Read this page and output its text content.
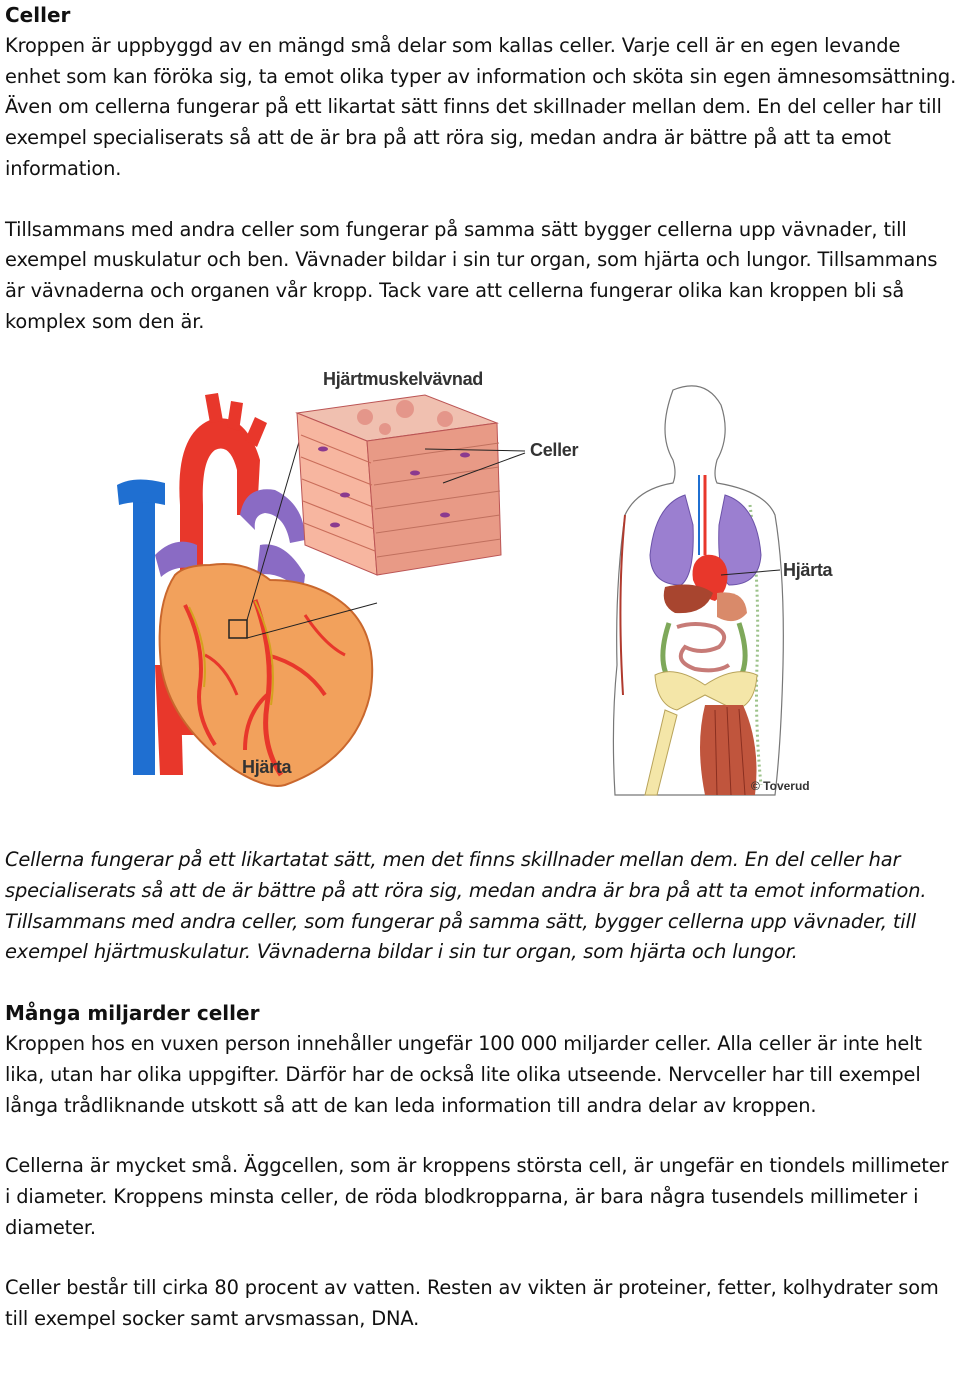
Celler

Kroppen är uppbyggd av en mängd små delar som kallas celler. Varje cell är en egen levande enhet som kan föröka sig, ta emot olika typer av information och sköta sin egen ämnesomsättning. Även om cellerna fungerar på ett likartat sätt finns det skillnader mellan dem. En del celler har till exempel specialiserats så att de är bra på att röra sig, medan andra är bättre på att ta emot information.

Tillsammans med andra celler som fungerar på samma sätt bygger cellerna upp vävnader, till exempel muskulatur och ben. Vävnader bildar i sin tur organ, som hjärta och lungor. Tillsammans är vävnaderna och organen vår kropp. Tack vare att cellerna fungerar olika kan kroppen bli så komplex som den är.

Hjärtmuskelvävnad
Celler
Hjärta
Hjärta
© Toverud

Cellerna fungerar på ett likartatat sätt, men det finns skillnader mellan dem. En del celler har specialiserats så att de är bättre på att röra sig, medan andra är bra på att ta emot information. Tillsammans med andra celler, som fungerar på samma sätt, bygger cellerna upp vävnader, till exempel hjärtmuskulatur. Vävnaderna bildar i sin tur organ, som hjärta och lungor.

Många miljarder celler

Kroppen hos en vuxen person innehåller ungefär 100 000 miljarder celler. Alla celler är inte helt lika, utan har olika uppgifter. Därför har de också lite olika utseende. Nervceller har till exempel långa trådliknande utskott så att de kan leda information till andra delar av kroppen.

Cellerna är mycket små. Äggcellen, som är kroppens största cell, är ungefär en tiondels millimeter i diameter. Kroppens minsta celler, de röda blodkropparna, är bara några tusendels millimeter i diameter.

Celler består till cirka 80 procent av vatten. Resten av vikten är proteiner, fetter, kolhydrater som till exempel socker samt arvsmassan, DNA.
